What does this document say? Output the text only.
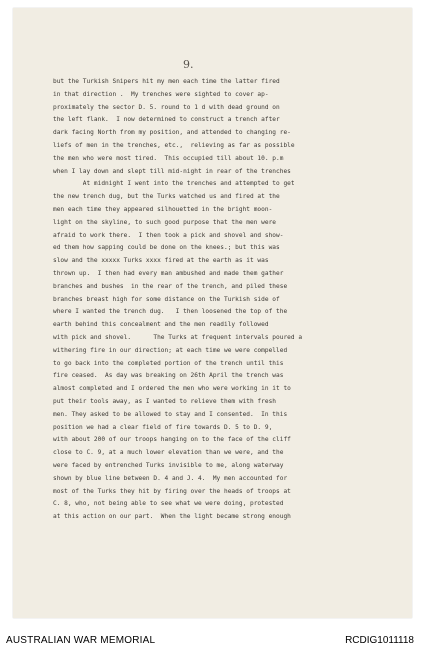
9.
but the Turkish Snipers hit my men each time the latter fired
in that direction .  My trenches were sighted to cover ap-
proximately the sector D. 5. round to 1 d with dead ground on
the left flank.  I now determined to construct a trench after
dark facing North from my position, and attended to changing re-
liefs of men in the trenches, etc.,  relieving as far as possible
the men who were most tired.  This occupied till about 10. p.m
when I lay down and slept till mid-night in rear of the trenches
At midnight I went into the trenches and attempted to get
the new trench dug, but the Turks watched us and fired at the
men each time they appeared silhouetted in the bright moon-
light on the skyline, to such good purpose that the men were
afraid to work there.  I then took a pick and shovel and show-
ed them how sapping could be done on the knees.; but this was
slow and the xxxxx Turks xxxx fired at the earth as it was
thrown up.  I then had every man ambushed and made them gather
branches and bushes  in the rear of the trench, and piled these
branches breast high for some distance on the Turkish side of
where I wanted the trench dug.   I then loosened the top of the
earth behind this concealment and the men readily followed
with pick and shovel.      The Turks at frequent intervals poured a
withering fire in our direction; at each time we were compelled
to go back into the completed portion of the trench until this
fire ceased.  As day was breaking on 26th April the trench was
almost completed and I ordered the men who were working in it to
put their tools away, as I wanted to relieve them with fresh
men. They asked to be allowed to stay and I consented.  In this
position we had a clear field of fire towards D. 5 to D. 9,
with about 200 of our troops hanging on to the face of the cliff
close to C. 9, at a much lower elevation than we were, and the
were faced by entrenched Turks invisible to me, along waterway
shown by blue line between D. 4 and J. 4.  My men accounted for
most of the Turks they hit by firing over the heads of troops at
C. 8, who, not being able to see what we were doing, protested
at this action on our part.  When the light became strong enough
AUSTRALIAN WAR MEMORIAL	RCDIG1011118
